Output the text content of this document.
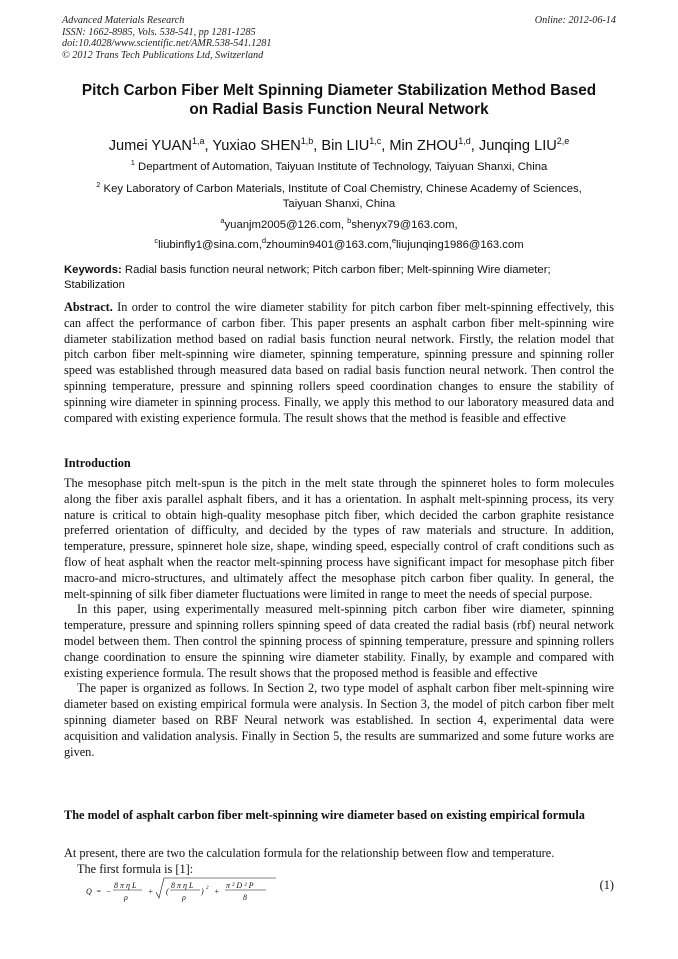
Advanced Materials Research
ISSN: 1662-8985, Vols. 538-541, pp 1281-1285
doi:10.4028/www.scientific.net/AMR.538-541.1281
© 2012 Trans Tech Publications Ltd, Switzerland
Online: 2012-06-14
Pitch Carbon Fiber Melt Spinning Diameter Stabilization Method Based
on Radial Basis Function Neural Network
Jumei YUAN$^{1,a}$, Yuxiao SHEN$^{1,b}$, Bin LIU$^{1,c}$, Min ZHOU$^{1,d}$, Junqing LIU$^{2,e}$
$^1$ Department of Automation, Taiyuan Institute of Technology, Taiyuan Shanxi, China
$^2$ Key Laboratory of Carbon Materials, Institute of Coal Chemistry, Chinese Academy of Sciences,
Taiyuan Shanxi, China
$^a$yuanjm2005@126.com, $^b$shenyx79@163.com,
$^c$liubinfly1@sina.com,$^d$zhoumin9401@163.com,$^e$liujunqing1986@163.com
Keywords: Radial basis function neural network; Pitch carbon fiber; Melt-spinning Wire diameter; Stabilization

Abstract. In order to control the wire diameter stability for pitch carbon fiber melt-spinning effectively, this can affect the performance of carbon fiber. This paper presents an asphalt carbon fiber melt-spinning wire diameter stabilization method based on radial basis function neural network. Firstly, the relation model that pitch carbon fiber melt-spinning wire diameter, spinning temperature, spinning pressure and spinning roller speed was established through measured data based on radial basis function neural network. Then control the spinning temperature, pressure and spinning rollers speed coordination changes to ensure the stability of spinning wire diameter in spinning process. Finally, we apply this method to our laboratory measured data and compared with existing experience formula. The result shows that the method is feasible and effective

Introduction

The mesophase pitch melt-spun is the pitch in the melt state through the spinneret holes to form molecules along the fiber axis parallel asphalt fibers, and it has a orientation. In asphalt melt-spinning process, its very nature is critical to obtain high-quality mesophase pitch fiber, which decided the carbon graphite resistance preferred orientation of difficulty, and decided by the types of raw materials and structure. In addition, temperature, pressure, spinneret hole size, shape, winding speed, especially control of craft conditions such as flow of heat asphalt when the reactor melt-spinning process have significant impact for mesophase pitch fiber macro-and micro-structures, and ultimately affect the mesophase pitch carbon fiber quality. In general, the melt-spinning of silk fiber diameter fluctuations were limited in range to meet the needs of special purpose.

In this paper, using experimentally measured melt-spinning pitch carbon fiber wire diameter, spinning temperature, pressure and spinning rollers spinning speed of data created the radial basis (rbf) neural network model between them. Then control the spinning process of spinning temperature, pressure and spinning rollers change coordination to ensure the spinning wire diameter stability. Finally, by example and compared with existing experience formula. The result shows that the proposed method is feasible and effective

The paper is organized as follows. In Section 2, two type model of asphalt carbon fiber melt-spinning wire diameter based on existing empirical formula were analysis. In Section 3, the model of pitch carbon fiber melt spinning diameter based on RBF Neural network was established. In section 4, experimental data were acquisition and validation analysis. Finally in Section 5, the results are summarized and some future works are given.

The model of asphalt carbon fiber melt-spinning wire diameter based on existing empirical formula

At present, there are two the calculation formula for the relationship between flow and temperature.

The first formula is [1]:

Q = −
8 π η L
ρ
+ (
8 π η L
ρ
) 2 +
π ² D ² P
8
(1)
